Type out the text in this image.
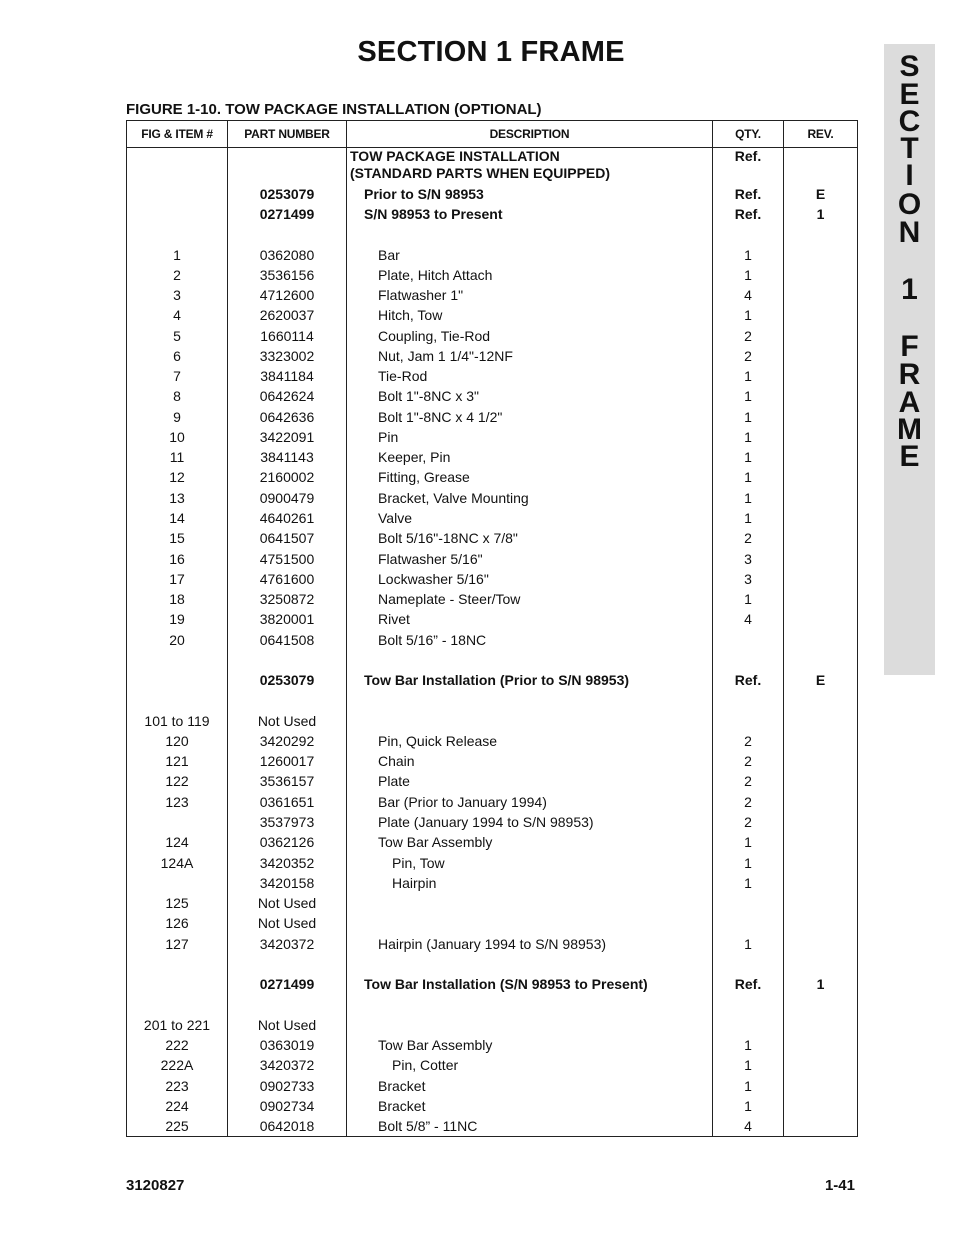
SECTION 1 FRAME	S
E
C
T
I
O
N
1
F
R
A
M
E
FIGURE 1-10. TOW PACKAGE INSTALLATION (OPTIONAL)
FIG & ITEM #	PART NUMBER	DESCRIPTION	QTY.	REV.
TOW PACKAGE INSTALLATION	Ref.
(STANDARD PARTS WHEN EQUIPPED)
0253079	Prior to S/N 98953	Ref.	E
0271499	S/N 98953 to Present	Ref.	1
1	0362080	Bar	1
2	3536156	Plate, Hitch Attach	1
3	4712600	Flatwasher 1"	4
4	2620037	Hitch, Tow	1
5	1660114	Coupling, Tie-Rod	2
6	3323002	Nut, Jam 1 1/4"-12NF	2
7	3841184	Tie-Rod	1
8	0642624	Bolt 1"-8NC x 3"	1
9	0642636	Bolt 1"-8NC x 4 1/2"	1
10	3422091	Pin	1
11	3841143	Keeper, Pin	1
12	2160002	Fitting, Grease	1
13	0900479	Bracket, Valve Mounting	1
14	4640261	Valve	1
15	0641507	Bolt 5/16"-18NC x 7/8"	2
16	4751500	Flatwasher 5/16"	3
17	4761600	Lockwasher 5/16"	3
18	3250872	Nameplate - Steer/Tow	1
19	3820001	Rivet	4
20	0641508	Bolt 5/16” - 18NC
0253079	Tow Bar Installation (Prior to S/N 98953)	Ref.	E
101 to 119	Not Used
120	3420292	Pin, Quick Release	2
121	1260017	Chain	2
122	3536157	Plate	2
123	0361651	Bar (Prior to January 1994)	2
3537973	Plate (January 1994 to S/N 98953)	2
124	0362126	Tow Bar Assembly	1
124A	3420352	Pin, Tow	1
3420158	Hairpin	1
125	Not Used
126	Not Used
127	3420372	Hairpin (January 1994 to S/N 98953)	1
0271499	Tow Bar Installation (S/N 98953 to Present)	Ref.	1
201 to 221	Not Used
222	0363019	Tow Bar Assembly	1
222A	3420372	Pin, Cotter	1
223	0902733	Bracket	1
224	0902734	Bracket	1
225	0642018	Bolt 5/8” - 11NC	4
3120827	1-41
